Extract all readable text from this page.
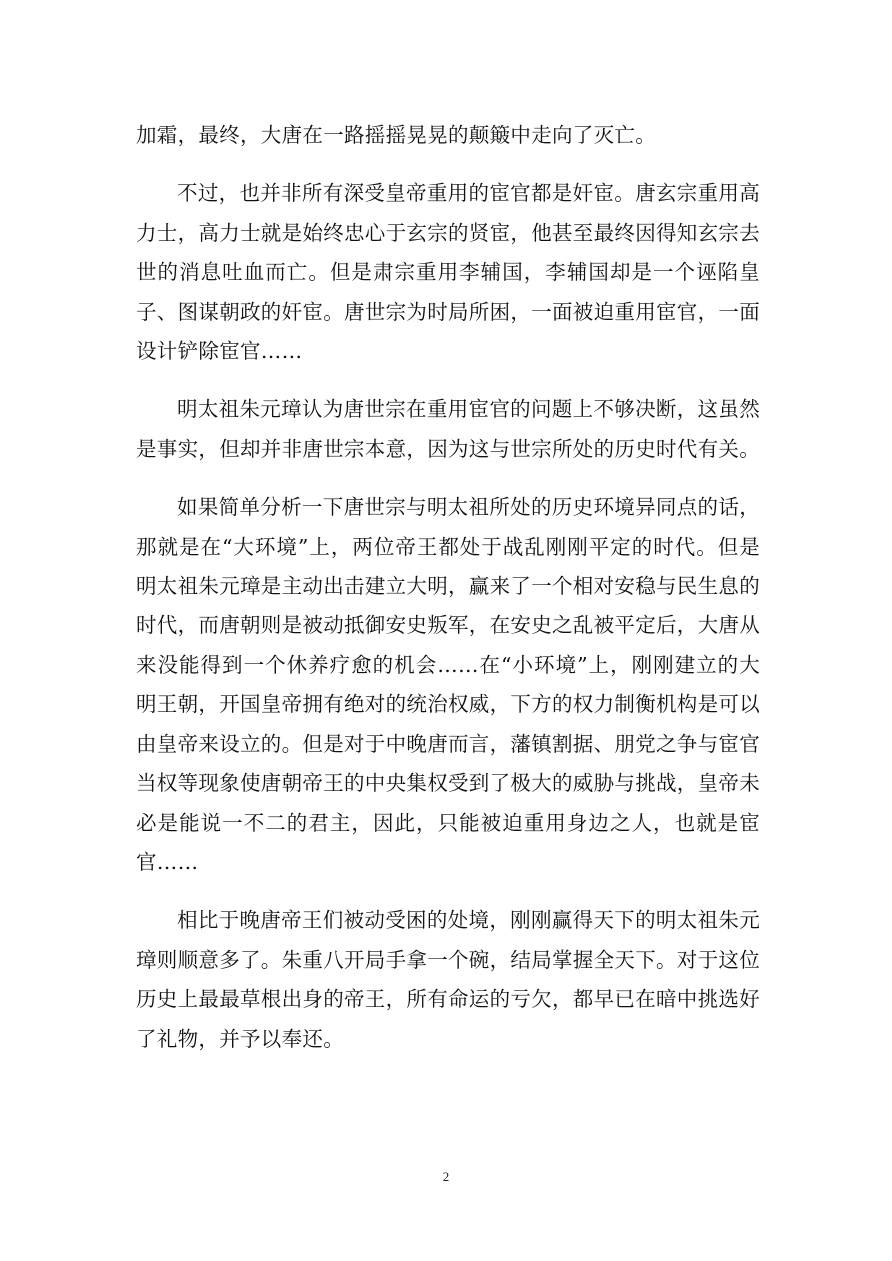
加霜，最终，大唐在一路摇摇晃晃的颠簸中走向了灭亡。

不过，也并非所有深受皇帝重用的宦官都是奸宦。唐玄宗重用高力士，高力士就是始终忠心于玄宗的贤宦，他甚至最终因得知玄宗去世的消息吐血而亡。但是肃宗重用李辅国，李辅国却是一个诬陷皇子、图谋朝政的奸宦。唐世宗为时局所困，一面被迫重用宦官，一面设计铲除宦官……

明太祖朱元璋认为唐世宗在重用宦官的问题上不够决断，这虽然是事实，但却并非唐世宗本意，因为这与世宗所处的历史时代有关。

如果简单分析一下唐世宗与明太祖所处的历史环境异同点的话，那就是在“大环境”上，两位帝王都处于战乱刚刚平定的时代。但是明太祖朱元璋是主动出击建立大明，赢来了一个相对安稳与民生息的时代，而唐朝则是被动抵御安史叛军，在安史之乱被平定后，大唐从来没能得到一个休养疗愈的机会……在“小环境”上，刚刚建立的大明王朝，开国皇帝拥有绝对的统治权威，下方的权力制衡机构是可以由皇帝来设立的。但是对于中晚唐而言，藩镇割据、朋党之争与宦官当权等现象使唐朝帝王的中央集权受到了极大的威胁与挑战，皇帝未必是能说一不二的君主，因此，只能被迫重用身边之人，也就是宦官……

相比于晚唐帝王们被动受困的处境，刚刚赢得天下的明太祖朱元璋则顺意多了。朱重八开局手拿一个碗，结局掌握全天下。对于这位历史上最最草根出身的帝王，所有命运的亏欠，都早已在暗中挑选好了礼物，并予以奉还。

2
